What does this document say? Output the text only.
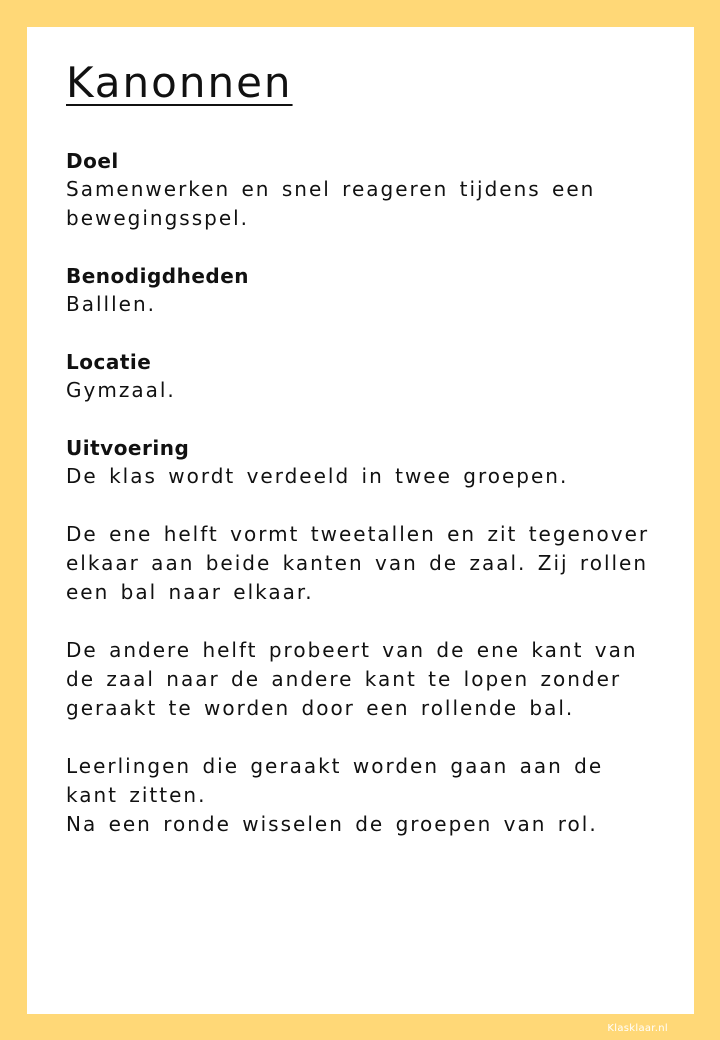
Kanonnen
Doel

Samenwerken en snel reageren tijdens een bewegingsspel.

Benodigdheden

Balllen.

Locatie

Gymzaal.

Uitvoering

De klas wordt verdeeld in twee groepen.

De ene helft vormt tweetallen en zit tegenover elkaar aan beide kanten van de zaal. Zij rollen een bal naar elkaar.

De andere helft probeert van de ene kant van de zaal naar de andere kant te lopen zonder geraakt te worden door een rollende bal.

Leerlingen die geraakt worden gaan aan de kant zitten.

Na een ronde wisselen de groepen van rol.

Klasklaar.nl
